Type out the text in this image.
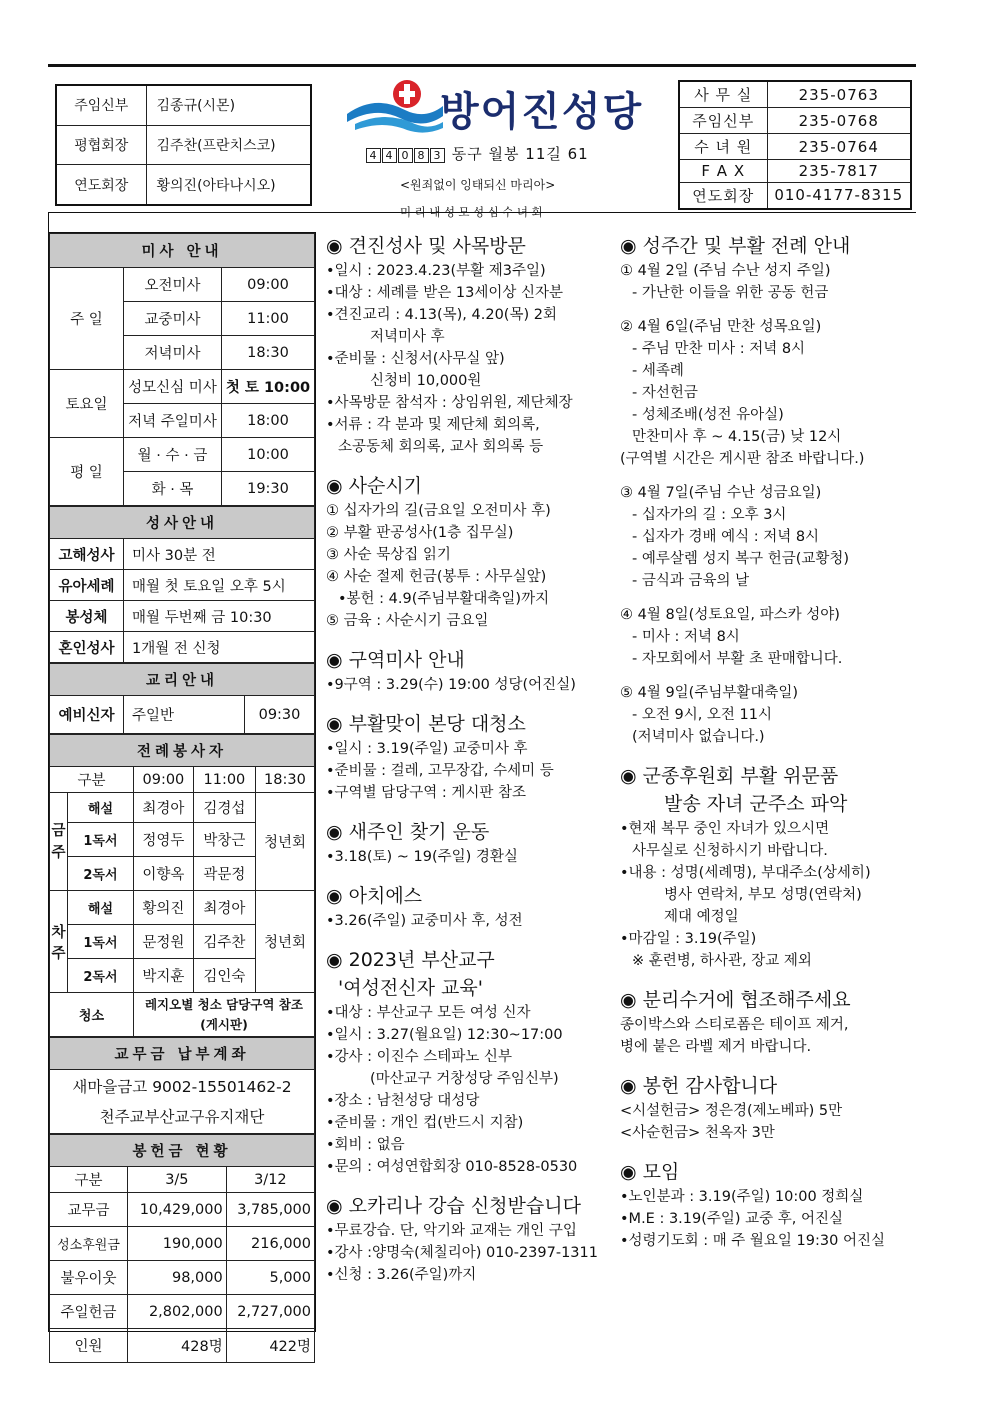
주임신부	김종규(시몬)
평협회장	김주찬(프란치스코)
연도회장	황의진(아타나시오)
방어진성당
4 4 0 8 3 동구 월봉 11길 61
<원죄없이 잉태되신 마리아>
미리내성모성심수녀회
사 무 실	235-0763
주임신부	235-0768
수 녀 원	235-0764
F A X	235-7817
연도회장	010-4177-8315
미사 안내		
주 일	오전미사	09:00
	교중미사	11:00
	저녁미사	18:30
토요일	성모신심 미사	첫 토 10:00
	저녁 주일미사	18:00
평 일	월 · 수 · 금	10:00
	화 · 목	19:30
성사안내	
고해성사	미사 30분 전
유아세례	매월 첫 토요일 오후 5시
봉성체	매월 두번째 금 10:30
혼인성사	1개월 전 신청
교리안내
예비신자	주일반	09:30
전례봉사자				
구분		09:00	11:00	18:30
금주	해설	최경아	김경섭	청년회
	1독서	정영두	박창근	
	2독서	이향옥	곽문정	
차주	해설	황의진	최경아	청년회
	1독서	문정원	김주찬	
	2독서	박지훈	김인숙	
청소		레지오별 청소 담당구역 참조
(게시판)		
교무금 납부계좌

새마을금고 9002-15501462-2
천주교부산교구유지재단
봉헌금 현황		
구분	3/5	3/12
교무금	10,429,000	3,785,000
성소후원금	190,000	216,000
불우이웃	98,000	5,000
주일헌금	2,802,000	2,727,000
인원	428명	422명
◉ 견진성사 및 사목방문
•일시 : 2023.4.23(부활 제3주일)
•대상 : 세례를 받은 13세이상 신자분
•견진교리 : 4.13(목), 4.20(목) 2회
저녁미사 후
•준비물 : 신청서(사무실 앞)
신청비 10,000원
•사목방문 참석자 : 상임위원, 제단체장
•서류 : 각 분과 및 제단체 회의록,
소공동체 회의록, 교사 회의록 등
◉ 사순시기
① 십자가의 길(금요일 오전미사 후)
② 부활 판공성사(1층 집무실)
③ 사순 묵상집 읽기
④ 사순 절제 헌금(봉투 : 사무실앞)
•봉헌 : 4.9(주님부활대축일)까지
⑤ 금육 : 사순시기 금요일
◉ 구역미사 안내
•9구역 : 3.29(수) 19:00 성당(어진실)
◉ 부활맞이 본당 대청소
•일시 : 3.19(주일) 교중미사 후
•준비물 : 걸레, 고무장갑, 수세미 등
•구역별 담당구역 : 게시판 참조
◉ 새주인 찾기 운동
•3.18(토) ~ 19(주일) 경환실
◉ 아치에스
•3.26(주일) 교중미사 후, 성전
◉ 2023년 부산교구
'여성전신자 교육'
•대상 : 부산교구 모든 여성 신자
•일시 : 3.27(월요일) 12:30~17:00
•강사 : 이진수 스테파노 신부
(마산교구 거창성당 주임신부)
•장소 : 남천성당 대성당
•준비물 : 개인 컵(반드시 지참)
•회비 : 없음
•문의 : 여성연합회장 010-8528-0530
◉ 오카리나 강습 신청받습니다
•무료강습. 단, 악기와 교재는 개인 구입
•강사 :양명숙(체칠리아) 010-2397-1311
•신청 : 3.26(주일)까지
◉ 성주간 및 부활 전례 안내
① 4월 2일 (주님 수난 성지 주일)
- 가난한 이들을 위한 공동 헌금
② 4월 6일(주님 만찬 성목요일)
- 주님 만찬 미사 : 저녁 8시
- 세족례
- 자선헌금
- 성체조배(성전 유아실)
만찬미사 후 ~ 4.15(금) 낮 12시
(구역별 시간은 게시판 참조 바랍니다.)
③ 4월 7일(주님 수난 성금요일)
- 십자가의 길 : 오후 3시
- 십자가 경배 예식 : 저녁 8시
- 예루살렘 성지 복구 헌금(교황청)
- 금식과 금육의 날
④ 4월 8일(성토요일, 파스카 성야)
- 미사 : 저녁 8시
- 자모회에서 부활 초 판매합니다.
⑤ 4월 9일(주님부활대축일)
- 오전 9시, 오전 11시
(저녁미사 없습니다.)
◉ 군종후원회 부활 위문품
발송 자녀 군주소 파악
•현재 복무 중인 자녀가 있으시면
사무실로 신청하시기 바랍니다.
•내용 : 성명(세례명), 부대주소(상세히)
병사 연락처, 부모 성명(연락처)
제대 예정일
•마감일 : 3.19(주일)
※ 훈련병, 하사관, 장교 제외
◉ 분리수거에 협조해주세요
종이박스와 스티로폼은 테이프 제거,
병에 붙은 라벨 제거 바랍니다.
◉ 봉헌 감사합니다
<시설헌금> 정은경(제노베파) 5만
<사순헌금> 천옥자 3만
◉ 모임
•노인분과 : 3.19(주일) 10:00 정희실
•M.E : 3.19(주일) 교중 후, 어진실
•성령기도회 : 매 주 월요일 19:30 어진실
